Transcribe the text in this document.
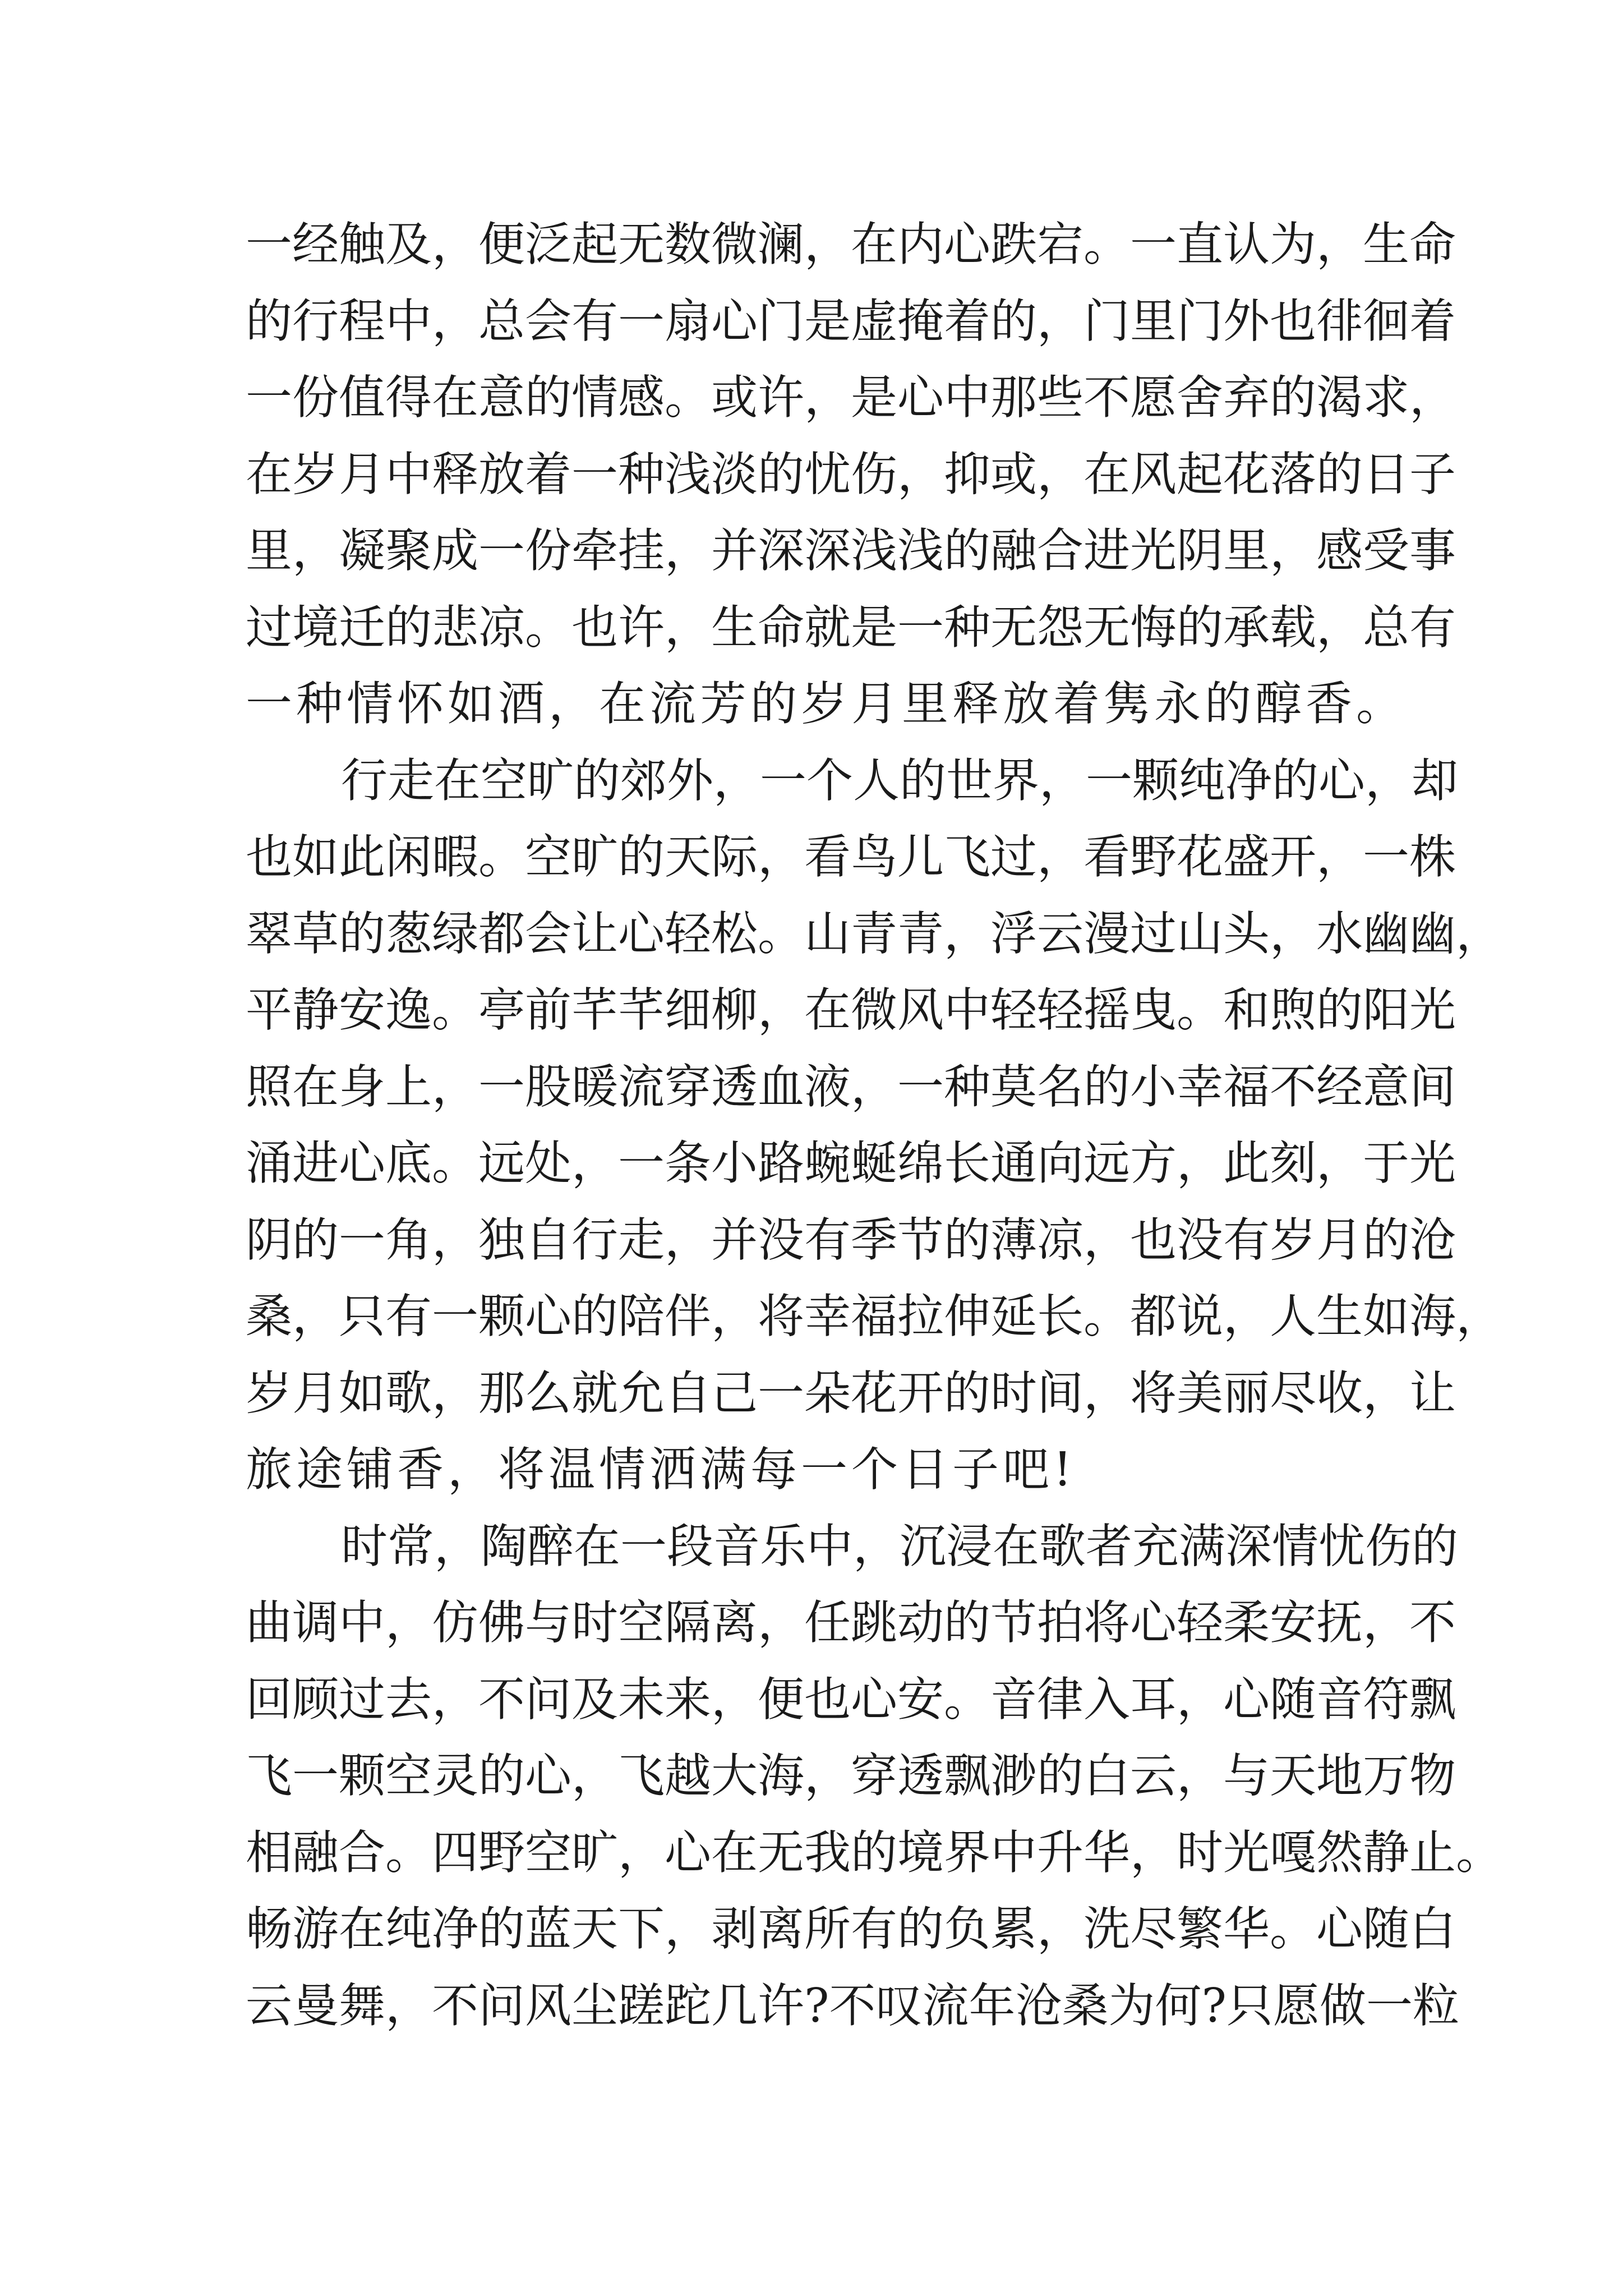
一经触及，便泛起无数微澜，在内心跌宕。一直认为，生命
的行程中，总会有一扇心门是虚掩着的，门里门外也徘徊着
一份值得在意的情感。或许，是心中那些不愿舍弃的渴求，
在岁月中释放着一种浅淡的忧伤，抑或，在风起花落的日子
里，凝聚成一份牵挂，并深深浅浅的融合进光阴里，感受事
过境迁的悲凉。也许，生命就是一种无怨无悔的承载，总有
一种情怀如酒，在流芳的岁月里释放着隽永的醇香。
行走在空旷的郊外，一个人的世界，一颗纯净的心，却
也如此闲暇。空旷的天际，看鸟儿飞过，看野花盛开，一株
翠草的葱绿都会让心轻松。山青青，浮云漫过山头，水幽幽，
平静安逸。亭前芊芊细柳，在微风中轻轻摇曳。和煦的阳光
照在身上，一股暖流穿透血液，一种莫名的小幸福不经意间
涌进心底。远处，一条小路蜿蜒绵长通向远方，此刻，于光
阴的一角，独自行走，并没有季节的薄凉，也没有岁月的沧
桑，只有一颗心的陪伴，将幸福拉伸延长。都说，人生如海，
岁月如歌，那么就允自己一朵花开的时间，将美丽尽收，让
旅途铺香，将温情洒满每一个日子吧!
时常，陶醉在一段音乐中，沉浸在歌者充满深情忧伤的
曲调中，仿佛与时空隔离，任跳动的节拍将心轻柔安抚，不
回顾过去，不问及未来，便也心安。音律入耳，心随音符飘
飞一颗空灵的心，飞越大海，穿透飘渺的白云，与天地万物
相融合。四野空旷，心在无我的境界中升华，时光嘎然静止。
畅游在纯净的蓝天下，剥离所有的负累，洗尽繁华。心随白
云曼舞，不问风尘蹉跎几许?不叹流年沧桑为何?只愿做一粒
